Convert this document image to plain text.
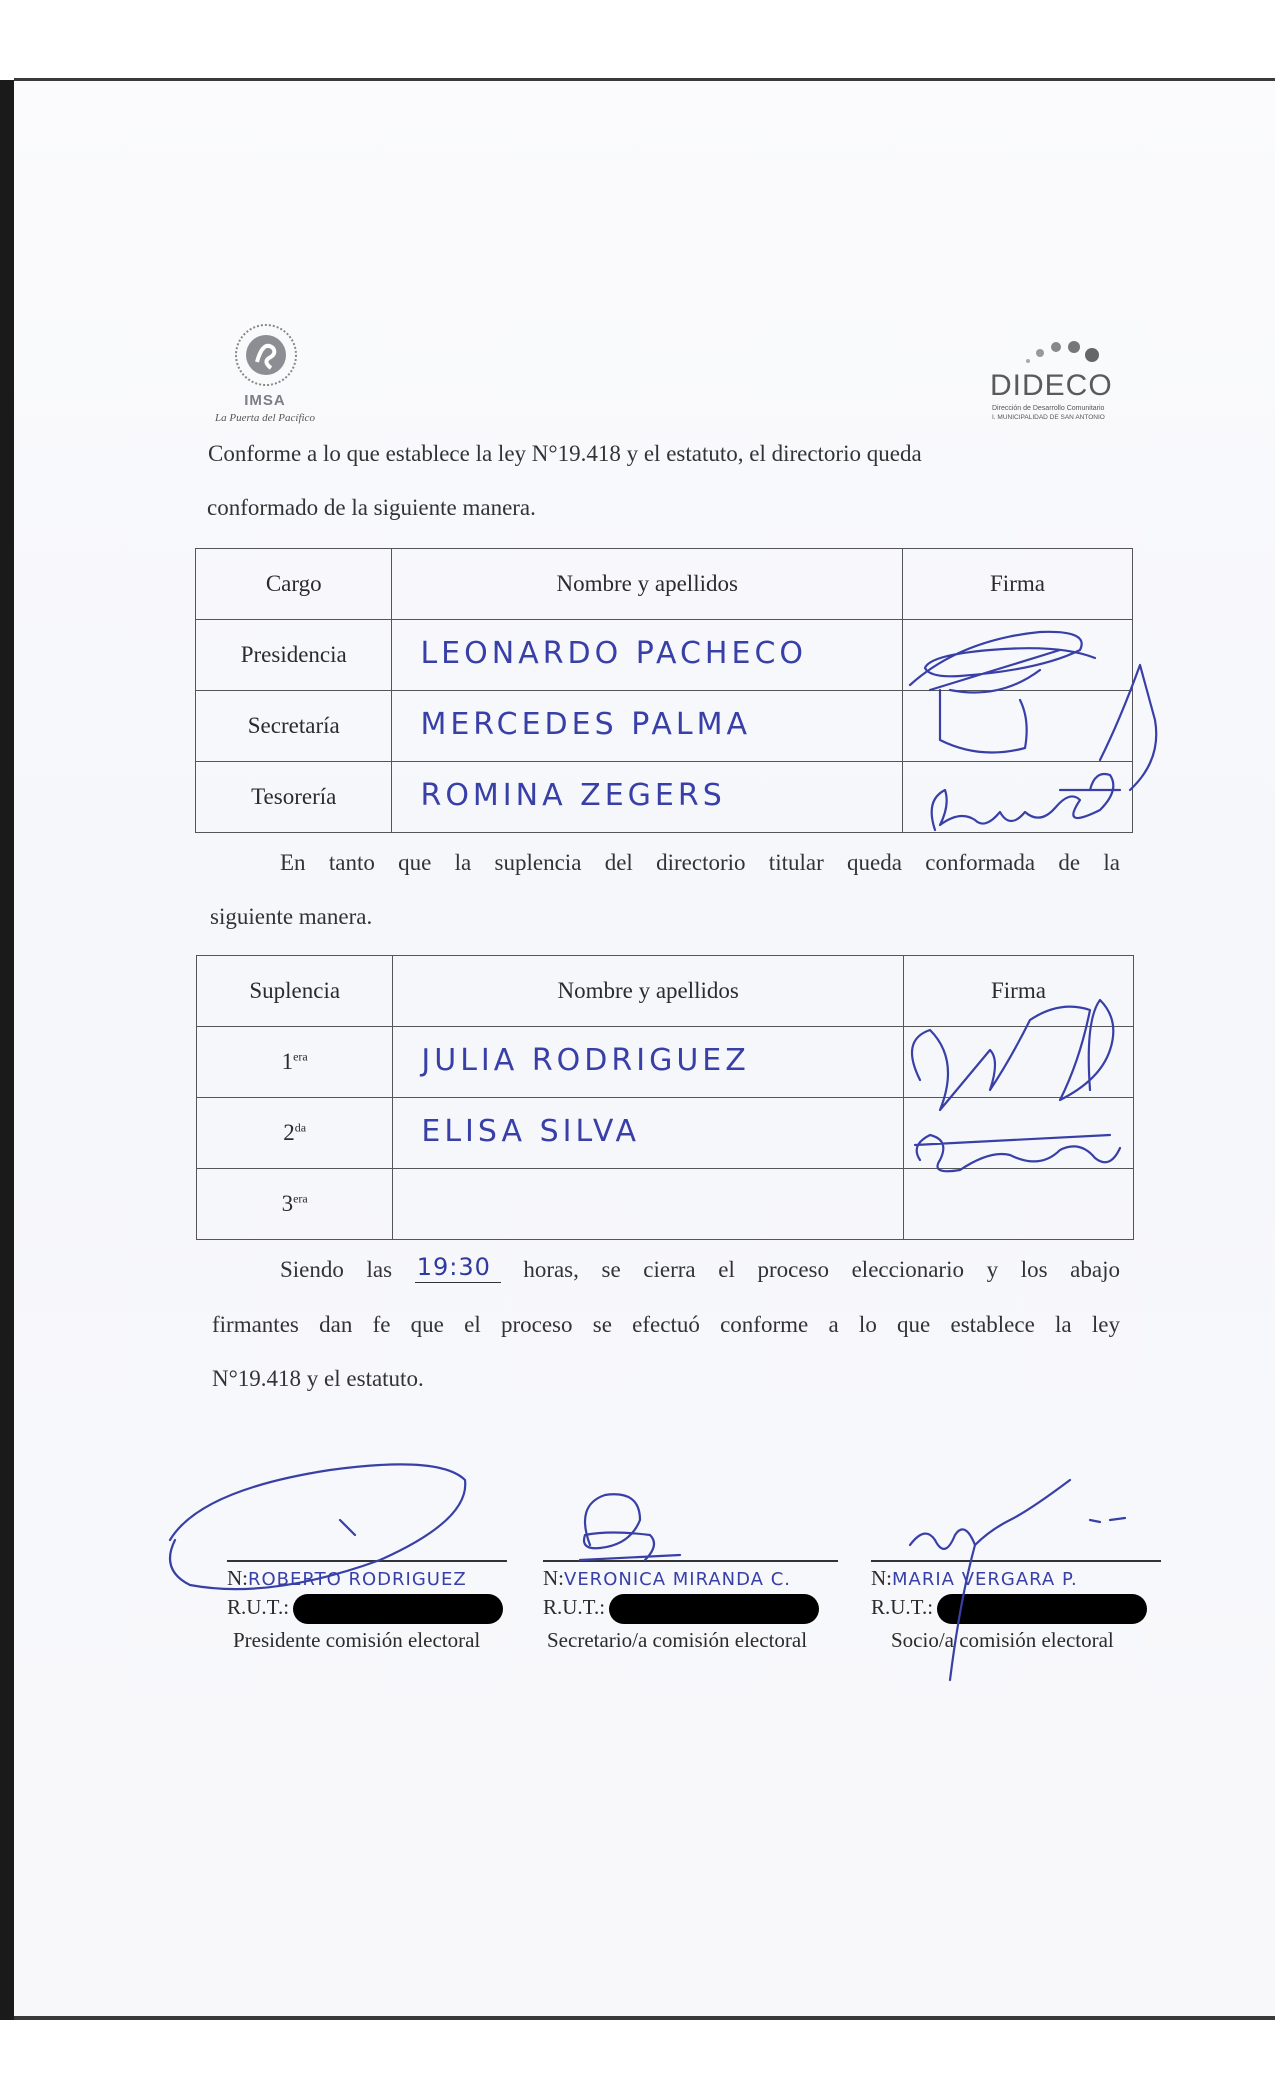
IMSA
La Puerta del Pacífico
DIDECO
Dirección de Desarrollo Comunitario
I. MUNICIPALIDAD DE SAN ANTONIO
Conforme a lo que establece la ley N°19.418 y el estatuto, el directorio queda
conformado de la siguiente manera.
Cargo	Nombre y apellidos	Firma
Presidencia	LEONARDO PACHECO	

Secretaría	MERCEDES PALMA	

Tesorería	ROMINA ZEGERS	

En tanto que la suplencia del directorio titular queda conformada de la
siguiente manera.
Suplencia	Nombre y apellidos	Firma
$1^{era}$	JULIA RODRIGUEZ	

$2^{da}$	ELISA SILVA	

$3^{era}$	

Siendo las 19:30 horas, se cierra el proceso eleccionario y los abajo
firmantes dan fe que el proceso se efectuó conforme a lo que establece la ley
N°19.418 y el estatuto.
N:ROBERTO RODRIGUEZ
R.U.T.:
Presidente comisión electoral
N:VERONICA MIRANDA C.
R.U.T.:
Secretario/a comisión electoral
N:MARIA VERGARA P.
R.U.T.:
Socio/a comisión electoral
